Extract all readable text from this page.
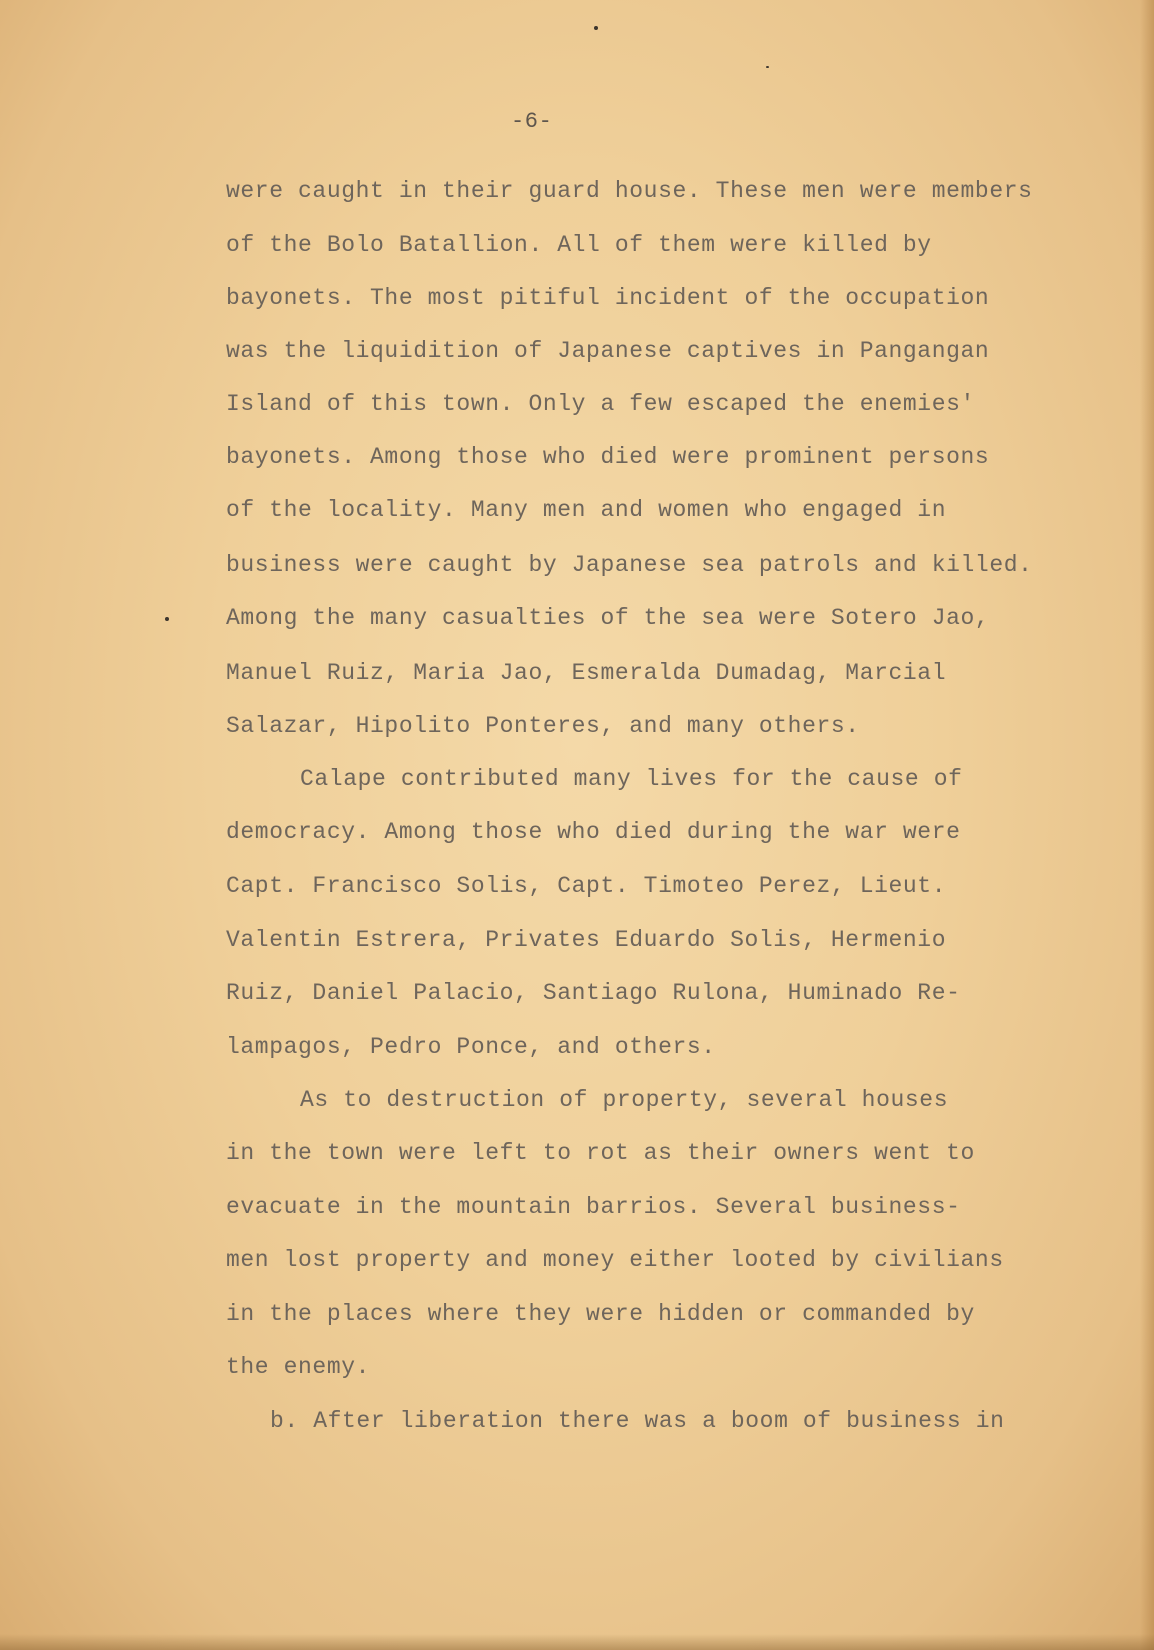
-6-
were caught in their guard house. These men were members
of the Bolo Batallion. All of them were killed by
bayonets. The most pitiful incident of the occupation
was the liquidition of Japanese captives in Pangangan
Island of this town. Only a few escaped the enemies'
bayonets. Among those who died were prominent persons
of the locality. Many men and women who engaged in
business were caught by Japanese sea patrols and killed.
Among the many casualties of the sea were Sotero Jao,
Manuel Ruiz, Maria Jao, Esmeralda Dumadag, Marcial
Salazar, Hipolito Ponteres, and many others.
Calape contributed many lives for the cause of
democracy. Among those who died during the war were
Capt. Francisco Solis, Capt. Timoteo Perez, Lieut.
Valentin Estrera, Privates Eduardo Solis, Hermenio
Ruiz, Daniel Palacio, Santiago Rulona, Huminado Re-
lampagos, Pedro Ponce, and others.
As to destruction of property, several houses
in the town were left to rot as their owners went to
evacuate in the mountain barrios. Several business-
men lost property and money either looted by civilians
in the places where they were hidden or commanded by
the enemy.
b. After liberation there was a boom of business in
